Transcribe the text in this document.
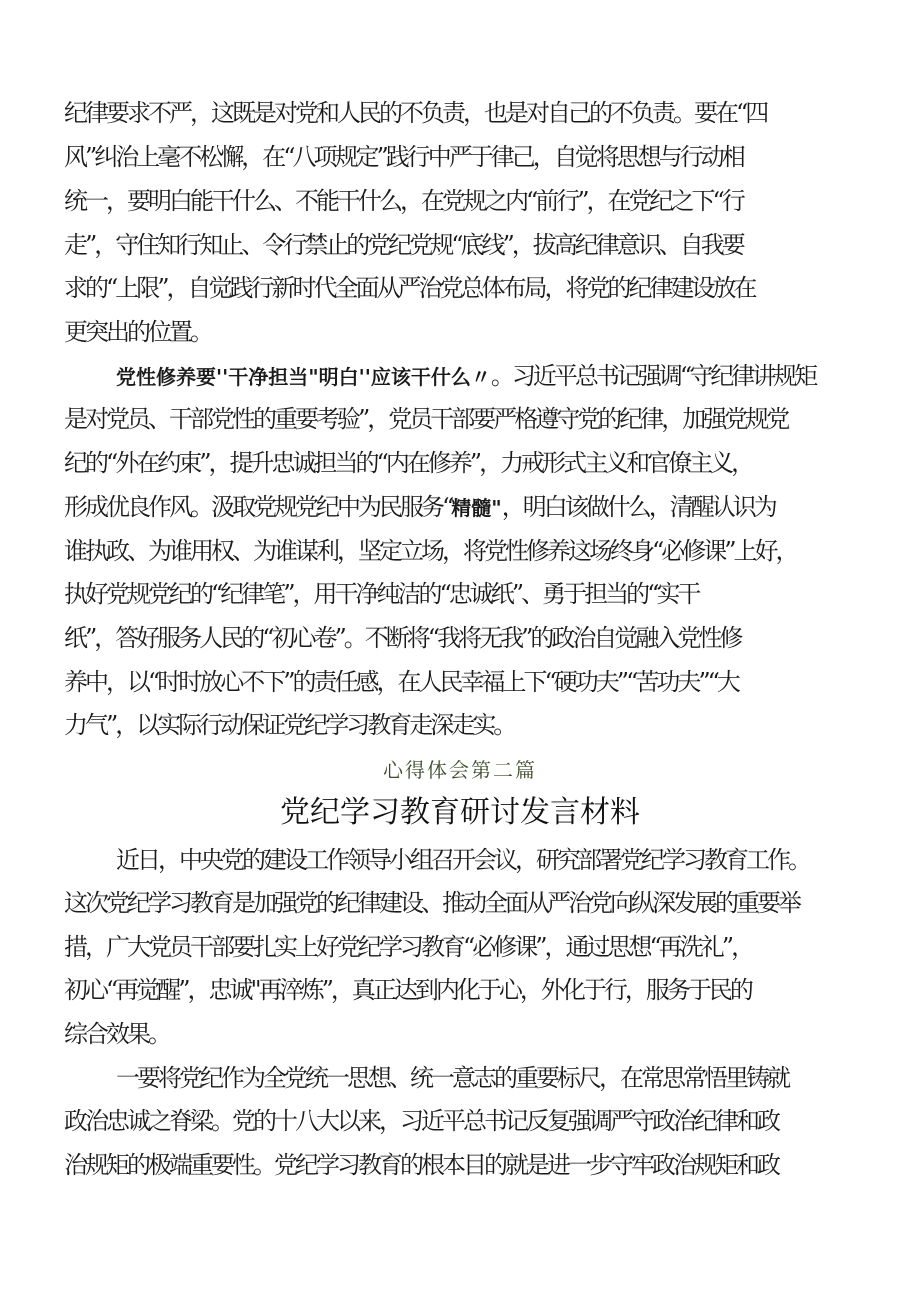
纪律要求不严，这既是对党和人民的不负责，也是对自己的不负责。要在“四
风”纠治上毫不松懈，在“八项规定”践行中严于律己，自觉将思想与行动相
统一，要明白能干什么、不能干什么，在党规之内“前行”，在党纪之下“行
走”，守住知行知止、令行禁止的党纪党规“底线”，拔高纪律意识、自我要
求的“上限”，自觉践行新时代全面从严治党总体布局，将党的纪律建设放在
更突出的位置。
党性修养要''干净担当"明白''应该干什么〃。习近平总书记强调“守纪律讲规矩
是对党员、干部党性的重要考验”，党员干部要严格遵守党的纪律，加强党规党
纪的“外在约束”，提升忠诚担当的“内在修养”，力戒形式主义和官僚主义，
形成优良作风。汲取党规党纪中为民服务“精髓"，明白该做什么，清醒认识为
谁执政、为谁用权、为谁谋利，坚定立场，将党性修养这场终身“必修课”上好，
执好党规党纪的“纪律笔”，用干净纯洁的“忠诚纸”、勇于担当的“实干
纸”，答好服务人民的“初心卷”。不断将“我将无我”的政治自觉融入党性修
养中，以“时时放心不下”的责任感，在人民幸福上下“硬功夫”“苦功夫”“大
力气”，以实际行动保证党纪学习教育走深走实。
心得体会第二篇
党纪学习教育研讨发言材料
近日，中央党的建设工作领导小组召开会议，研究部署党纪学习教育工作。
这次党纪学习教育是加强党的纪律建设、推动全面从严治党向纵深发展的重要举
措，广大党员干部要扎实上好党纪学习教育“必修课”，通过思想“再洗礼”，
初心“再觉醒”，忠诚"再淬炼”，真正达到内化于心，外化于行，服务于民的
综合效果。
一要将党纪作为全党统一思想、统一意志的重要标尺，在常思常悟里铸就
政治忠诚之脊梁。党的十八大以来，习近平总书记反复强调严守政治纪律和政
治规矩的极端重要性。党纪学习教育的根本目的就是进一步守牢政治规矩和政
